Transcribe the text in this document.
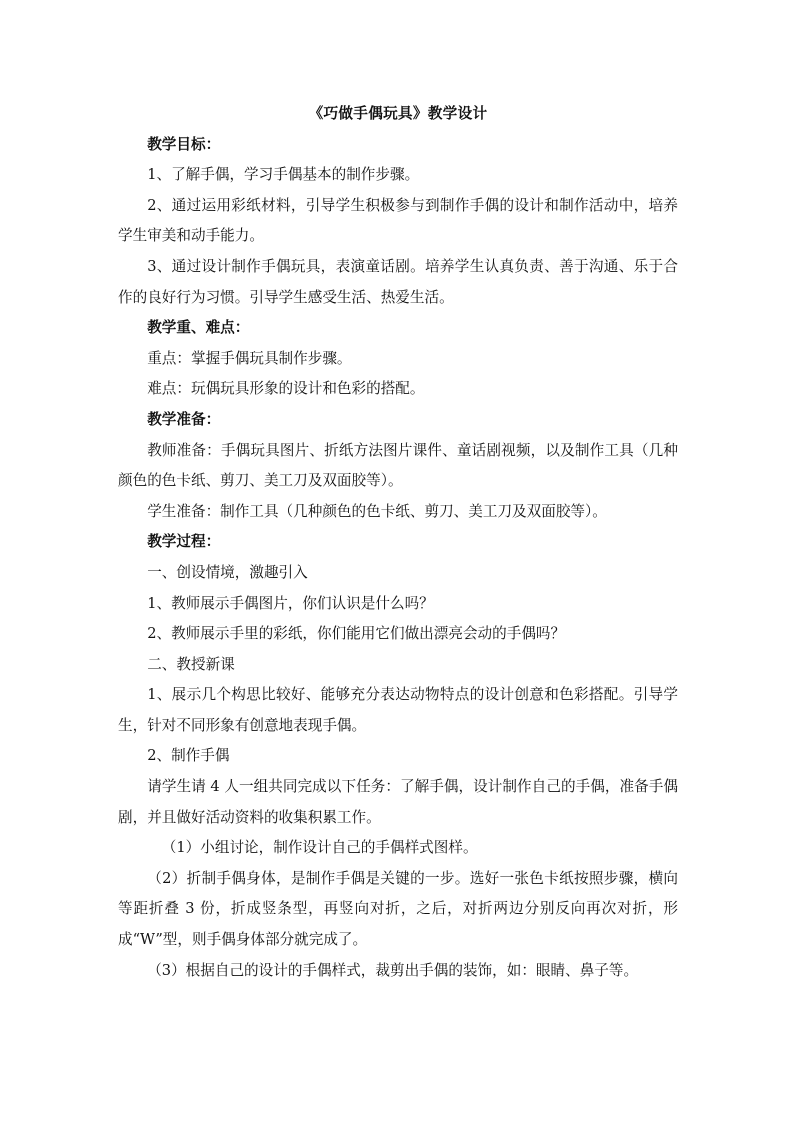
《巧做手偶玩具》教学设计

教学目标：

1、了解手偶，学习手偶基本的制作步骤。

2、通过运用彩纸材料，引导学生积极参与到制作手偶的设计和制作活动中，培养学生审美和动手能力。

3、通过设计制作手偶玩具，表演童话剧。培养学生认真负责、善于沟通、乐于合作的良好行为习惯。引导学生感受生活、热爱生活。

教学重、难点：

重点：掌握手偶玩具制作步骤。

难点：玩偶玩具形象的设计和色彩的搭配。

教学准备：

教师准备：手偶玩具图片、折纸方法图片课件、童话剧视频，以及制作工具（几种颜色的色卡纸、剪刀、美工刀及双面胶等）。

学生准备：制作工具（几种颜色的色卡纸、剪刀、美工刀及双面胶等）。

教学过程：

一、创设情境，激趣引入

1、教师展示手偶图片，你们认识是什么吗？

2、教师展示手里的彩纸，你们能用它们做出漂亮会动的手偶吗？

二、教授新课

1、展示几个构思比较好、能够充分表达动物特点的设计创意和色彩搭配。引导学生，针对不同形象有创意地表现手偶。

2、制作手偶

请学生请 4 人一组共同完成以下任务：了解手偶，设计制作自己的手偶，准备手偶剧，并且做好活动资料的收集积累工作。

（1）小组讨论，制作设计自己的手偶样式图样。

（2）折制手偶身体，是制作手偶是关键的一步。选好一张色卡纸按照步骤，横向等距折叠 3 份，折成竖条型，再竖向对折，之后，对折两边分别反向再次对折，形成“W”型，则手偶身体部分就完成了。

（3）根据自己的设计的手偶样式，裁剪出手偶的装饰，如：眼睛、鼻子等。
